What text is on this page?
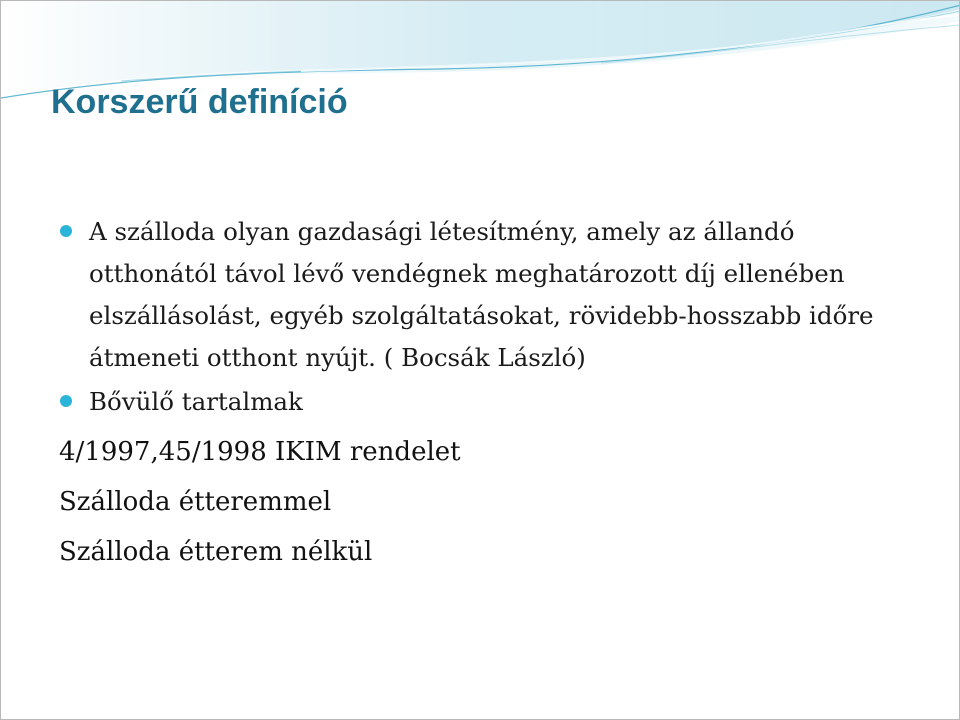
Korszerű definíció
A szálloda olyan gazdasági létesítmény, amely az állandó otthonától távol lévő vendégnek meghatározott díj ellenében elszállásolást, egyéb szolgáltatásokat, rövidebb-hosszabb időre átmeneti otthont nyújt. ( Bocsák László)
Bővülő tartalmak
4/1997,45/1998 IKIM rendelet
Szálloda étteremmel
Szálloda étterem nélkül
